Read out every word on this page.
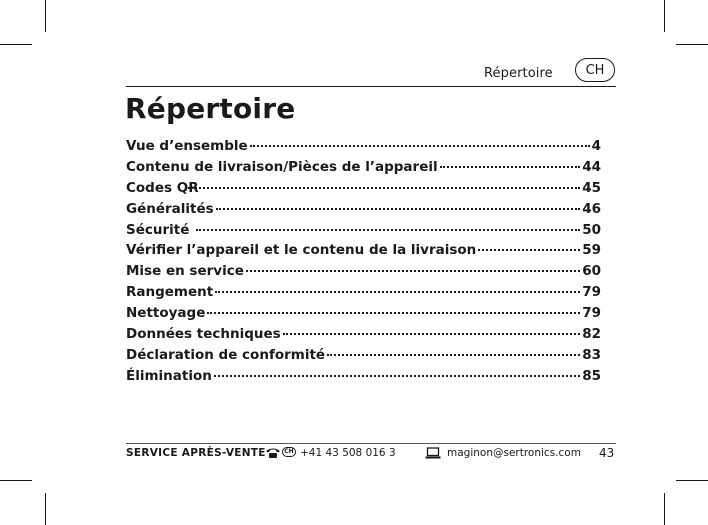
Répertoire	CH
Répertoire
Vue d’ensemble	4
Contenu de livraison/Pièces de l’appareil	44
Codes QR	45
Généralités	46
Sécurité	50
Vérifier l’appareil et le contenu de la livraison	59
Mise en service	60
Rangement	79
Nettoyage	79
Données techniques	82
Déclaration de conformité	83
Élimination	85
SERVICE APRÈS-VENTE	CH +41 43 508 016 3	maginon@sertronics.com 43
